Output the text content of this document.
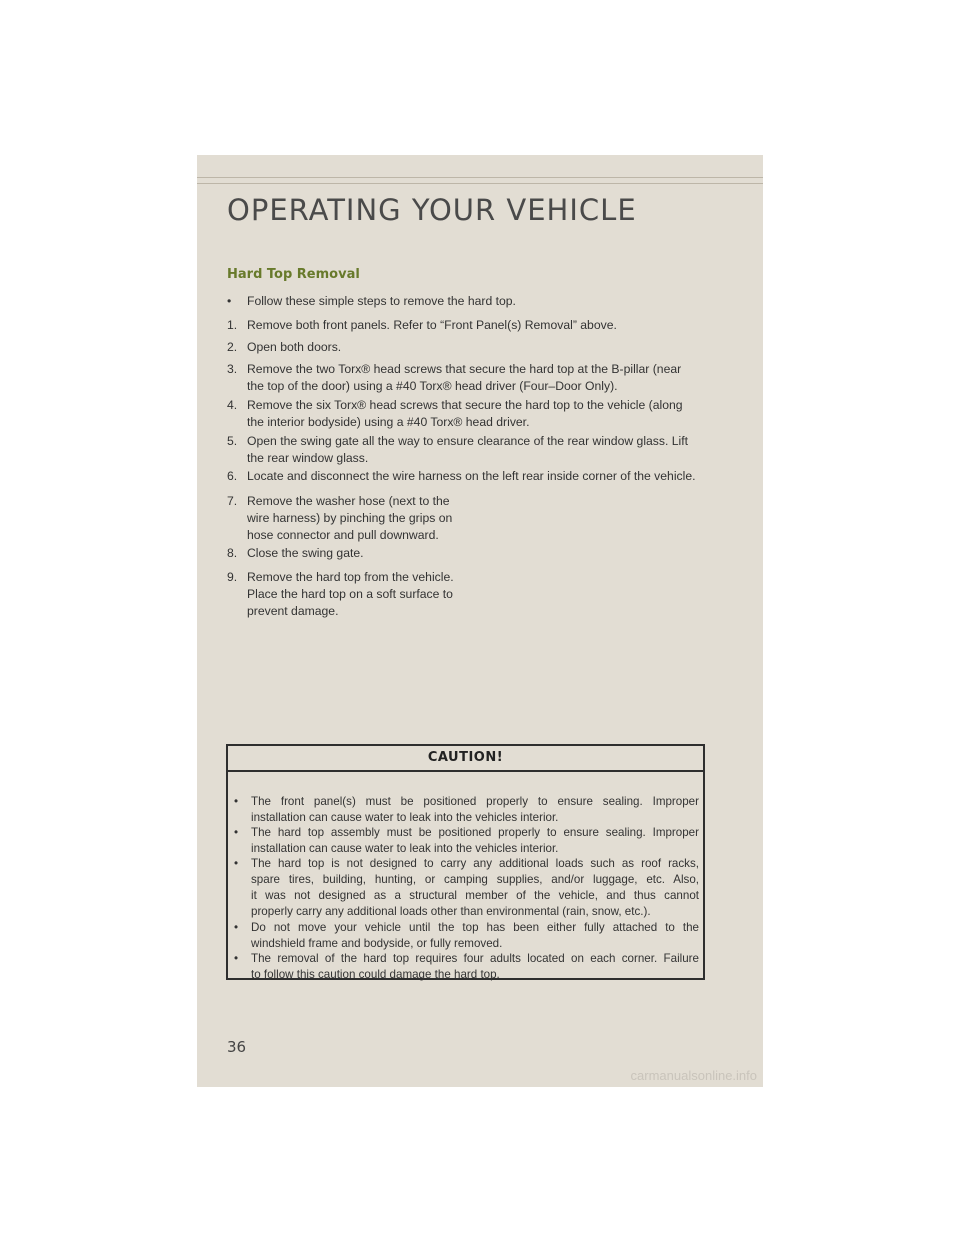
OPERATING YOUR VEHICLE
Hard Top Removal
• Follow these simple steps to remove the hard top.
1. Remove both front panels. Refer to “Front Panel(s) Removal” above.
2. Open both doors.
3. Remove the two Torx® head screws that secure the hard top at the B-pillar (near
the top of the door) using a #40 Torx® head driver (Four–Door Only).
4. Remove the six Torx® head screws that secure the hard top to the vehicle (along
the interior bodyside) using a #40 Torx® head driver.
5. Open the swing gate all the way to ensure clearance of the rear window glass. Lift
the rear window glass.
6. Locate and disconnect the wire harness on the left rear inside corner of the vehicle.
7. Remove the washer hose (next to the
wire harness) by pinching the grips on
hose connector and pull downward.
8. Close the swing gate.
9. Remove the hard top from the vehicle.
Place the hard top on a soft surface to
prevent damage.
CAUTION!
• The front panel(s) must be positioned properly to ensure sealing. Improper
installation can cause water to leak into the vehicles interior.
• The hard top assembly must be positioned properly to ensure sealing. Improper
installation can cause water to leak into the vehicles interior.
• The hard top is not designed to carry any additional loads such as roof racks,
spare tires, building, hunting, or camping supplies, and/or luggage, etc. Also,
it was not designed as a structural member of the vehicle, and thus cannot
properly carry any additional loads other than environmental (rain, snow, etc.).
• Do not move your vehicle until the top has been either fully attached to the
windshield frame and bodyside, or fully removed.
• The removal of the hard top requires four adults located on each corner. Failure
to follow this caution could damage the hard top.
36
carmanualsonline.info
